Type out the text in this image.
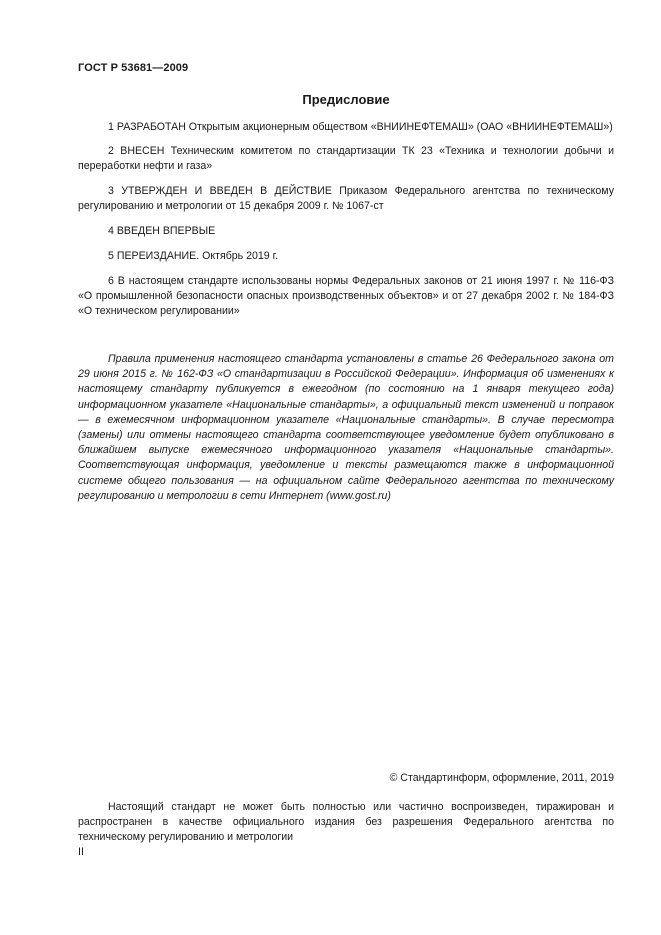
ГОСТ Р 53681—2009
Предисловие

1 РАЗРАБОТАН Открытым акционерным обществом «ВНИИНЕФТЕМАШ» (ОАО «ВНИИНЕФТЕМАШ»)

2 ВНЕСЕН Техническим комитетом по стандартизации ТК 23 «Техника и технологии добычи и переработки нефти и газа»

3 УТВЕРЖДЕН И ВВЕДЕН В ДЕЙСТВИЕ Приказом Федерального агентства по техническому регулированию и метрологии от 15 декабря 2009 г. № 1067-ст

4 ВВЕДЕН ВПЕРВЫЕ

5 ПЕРЕИЗДАНИЕ. Октябрь 2019 г.

6 В настоящем стандарте использованы нормы Федеральных законов от 21 июня 1997 г. № 116-ФЗ «О промышленной безопасности опасных производственных объектов» и от 27 декабря 2002 г. № 184-ФЗ «О техническом регулировании»

Правила применения настоящего стандарта установлены в статье 26 Федерального закона от 29 июня 2015 г. № 162-ФЗ «О стандартизации в Российской Федерации». Информация об изменениях к настоящему стандарту публикуется в ежегодном (по состоянию на 1 января текущего года) информационном указателе «Национальные стандарты», а официальный текст изменений и поправок — в ежемесячном информационном указателе «Национальные стандарты». В случае пересмотра (замены) или отмены настоящего стандарта соответствующее уведомление будет опубликовано в ближайшем выпуске ежемесячного информационного указателя «Национальные стандарты». Соответствующая информация, уведомление и тексты размещаются также в информационной системе общего пользования — на официальном сайте Федерального агентства по техническому регулированию и метрологии в сети Интернет (www.gost.ru)

© Стандартинформ, оформление, 2011, 2019

Настоящий стандарт не может быть полностью или частично воспроизведен, тиражирован и распространен в качестве официального издания без разрешения Федерального агентства по техническому регулированию и метрологии

II
